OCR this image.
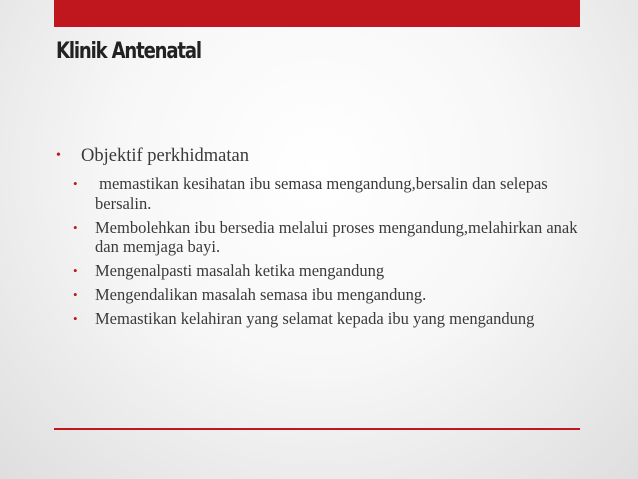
Klinik Antenatal
• Objektif perkhidmatan
• memastikan kesihatan ibu semasa mengandung,bersalin dan selepas bersalin.
• Membolehkan ibu bersedia melalui proses mengandung,melahirkan anak dan memjaga bayi.
• Mengenalpasti masalah ketika mengandung
• Mengendalikan masalah semasa ibu mengandung.
• Memastikan kelahiran yang selamat kepada ibu yang mengandung
